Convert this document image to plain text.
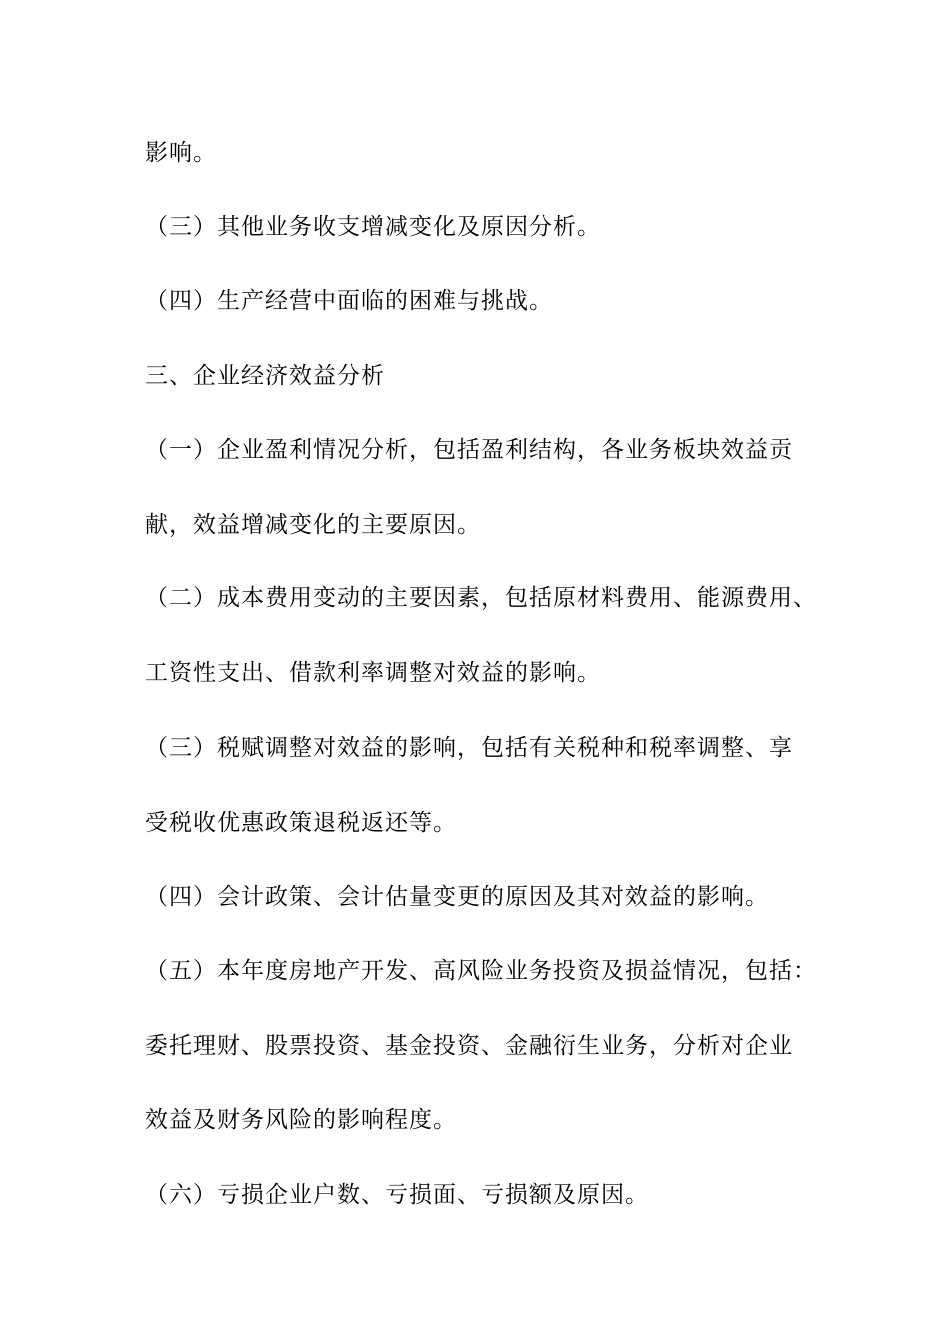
影响。

（三）其他业务收支增减变化及原因分析。

（四）生产经营中面临的困难与挑战。

三、企业经济效益分析

（一）企业盈利情况分析，包括盈利结构，各业务板块效益贡

献，效益增减变化的主要原因。

（二）成本费用变动的主要因素，包括原材料费用、能源费用、

工资性支出、借款利率调整对效益的影响。

（三）税赋调整对效益的影响，包括有关税种和税率调整、享

受税收优惠政策退税返还等。

（四）会计政策、会计估量变更的原因及其对效益的影响。

（五）本年度房地产开发、高风险业务投资及损益情况，包括：

委托理财、股票投资、基金投资、金融衍生业务，分析对企业

效益及财务风险的影响程度。

（六）亏损企业户数、亏损面、亏损额及原因。
